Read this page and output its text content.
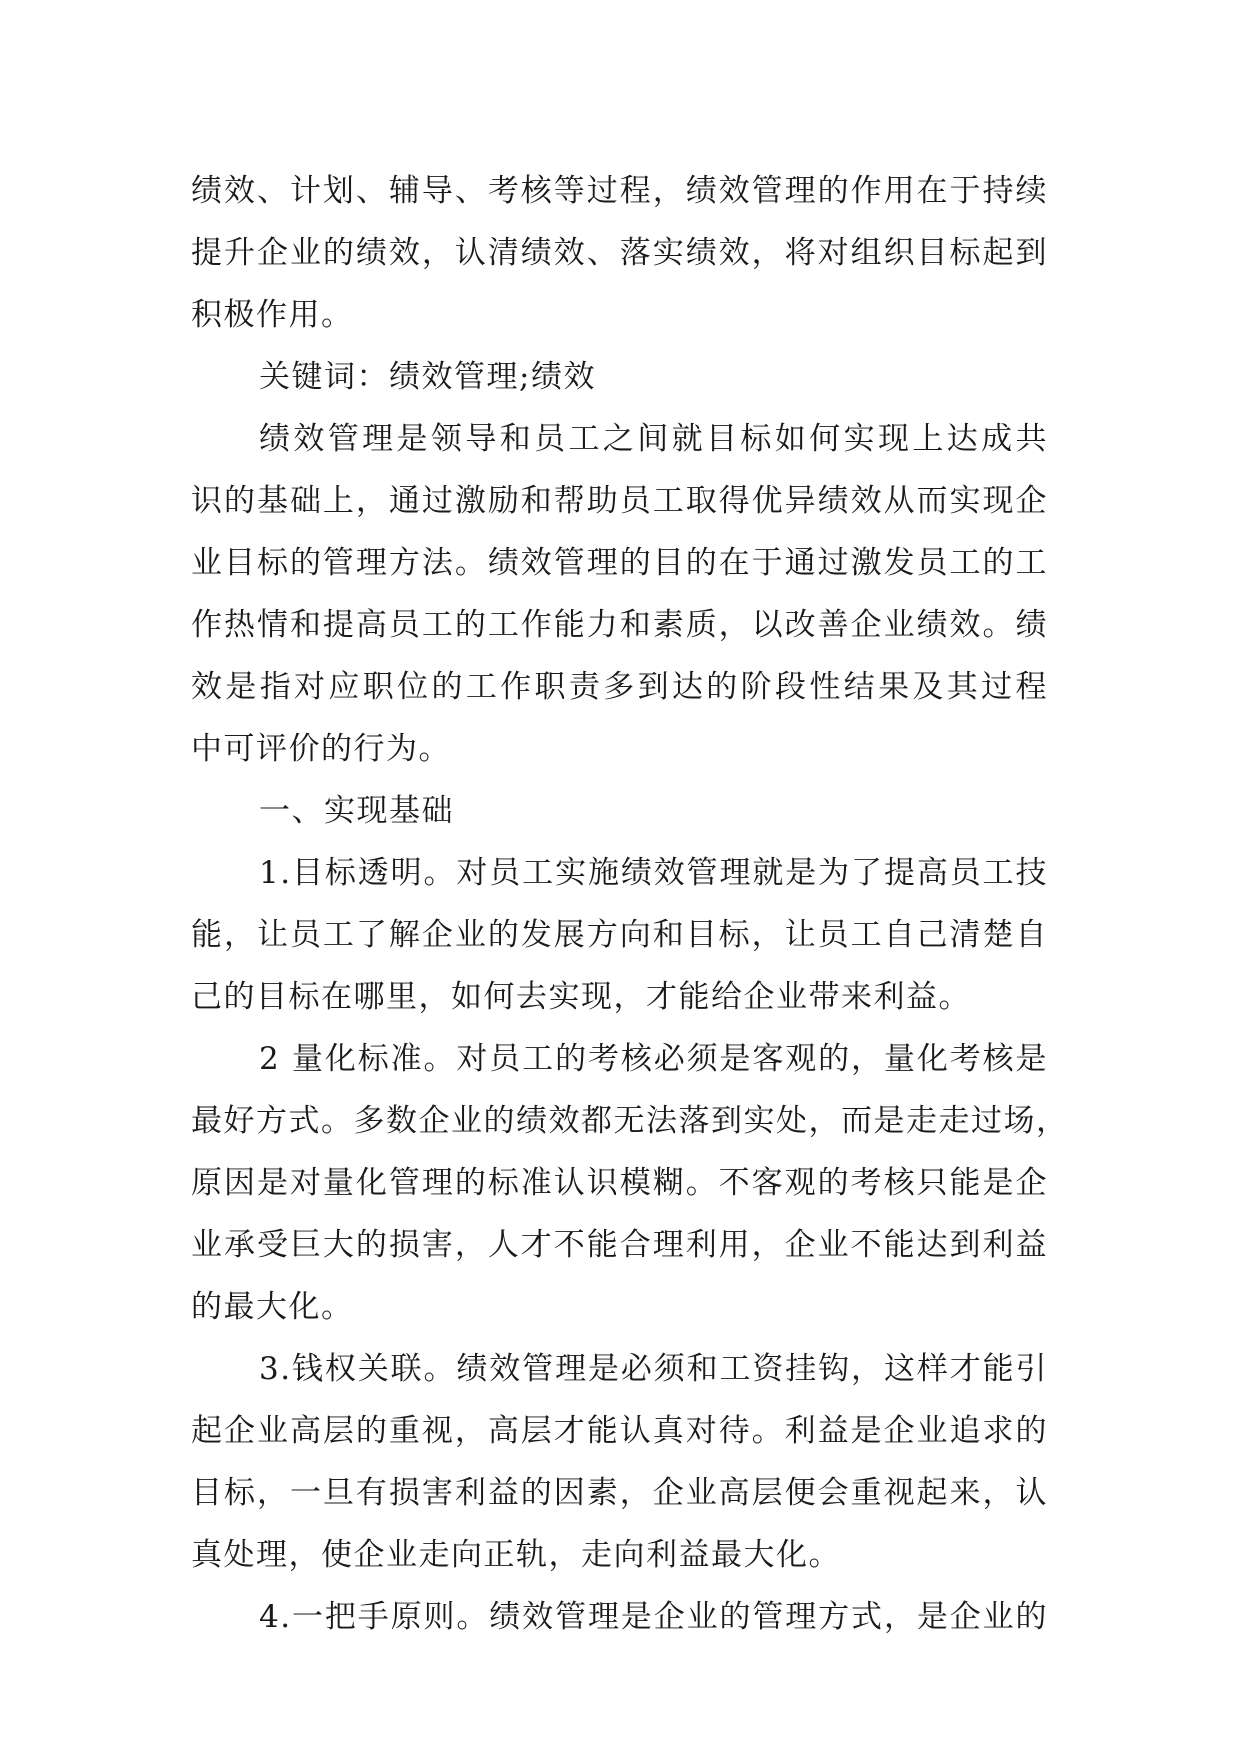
绩效、计划、辅导、考核等过程，绩效管理的作用在于持续
提升企业的绩效，认清绩效、落实绩效，将对组织目标起到
积极作用。
关键词：绩效管理;绩效
绩效管理是领导和员工之间就目标如何实现上达成共
识的基础上，通过激励和帮助员工取得优异绩效从而实现企
业目标的管理方法。绩效管理的目的在于通过激发员工的工
作热情和提高员工的工作能力和素质，以改善企业绩效。绩
效是指对应职位的工作职责多到达的阶段性结果及其过程
中可评价的行为。
一、实现基础
1.目标透明。对员工实施绩效管理就是为了提高员工技
能，让员工了解企业的发展方向和目标，让员工自己清楚自
己的目标在哪里，如何去实现，才能给企业带来利益。
2 量化标准。对员工的考核必须是客观的，量化考核是
最好方式。多数企业的绩效都无法落到实处，而是走走过场，
原因是对量化管理的标准认识模糊。不客观的考核只能是企
业承受巨大的损害，人才不能合理利用，企业不能达到利益
的最大化。
3.钱权关联。绩效管理是必须和工资挂钩，这样才能引
起企业高层的重视，高层才能认真对待。利益是企业追求的
目标，一旦有损害利益的因素，企业高层便会重视起来，认
真处理，使企业走向正轨，走向利益最大化。
4.一把手原则。绩效管理是企业的管理方式，是企业的
